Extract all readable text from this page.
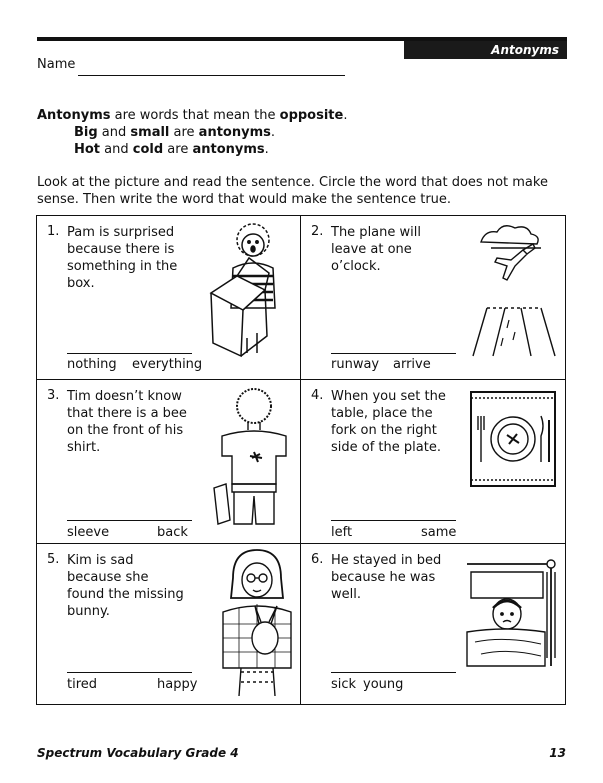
Antonyms
Name
Antonyms are words that mean the opposite.
Big and small are antonyms.
Hot and cold are antonyms.
Look at the picture and read the sentence. Circle the word that does not make sense. Then write the word that would make the sentence true.
1. Pam is surprised because there is something in the box.
nothing everything
2. The plane will leave at one o’clock.
runway arrive
3. Tim doesn’t know that there is a bee on the front of his shirt.
sleeve	back
4. When you set the table, place the fork on the right side of the plate.
left	same
5. Kim is sad because she found the missing bunny.
tired	happy
6. He stayed in bed because he was well.
sick young
Spectrum Vocabulary Grade 4	13
